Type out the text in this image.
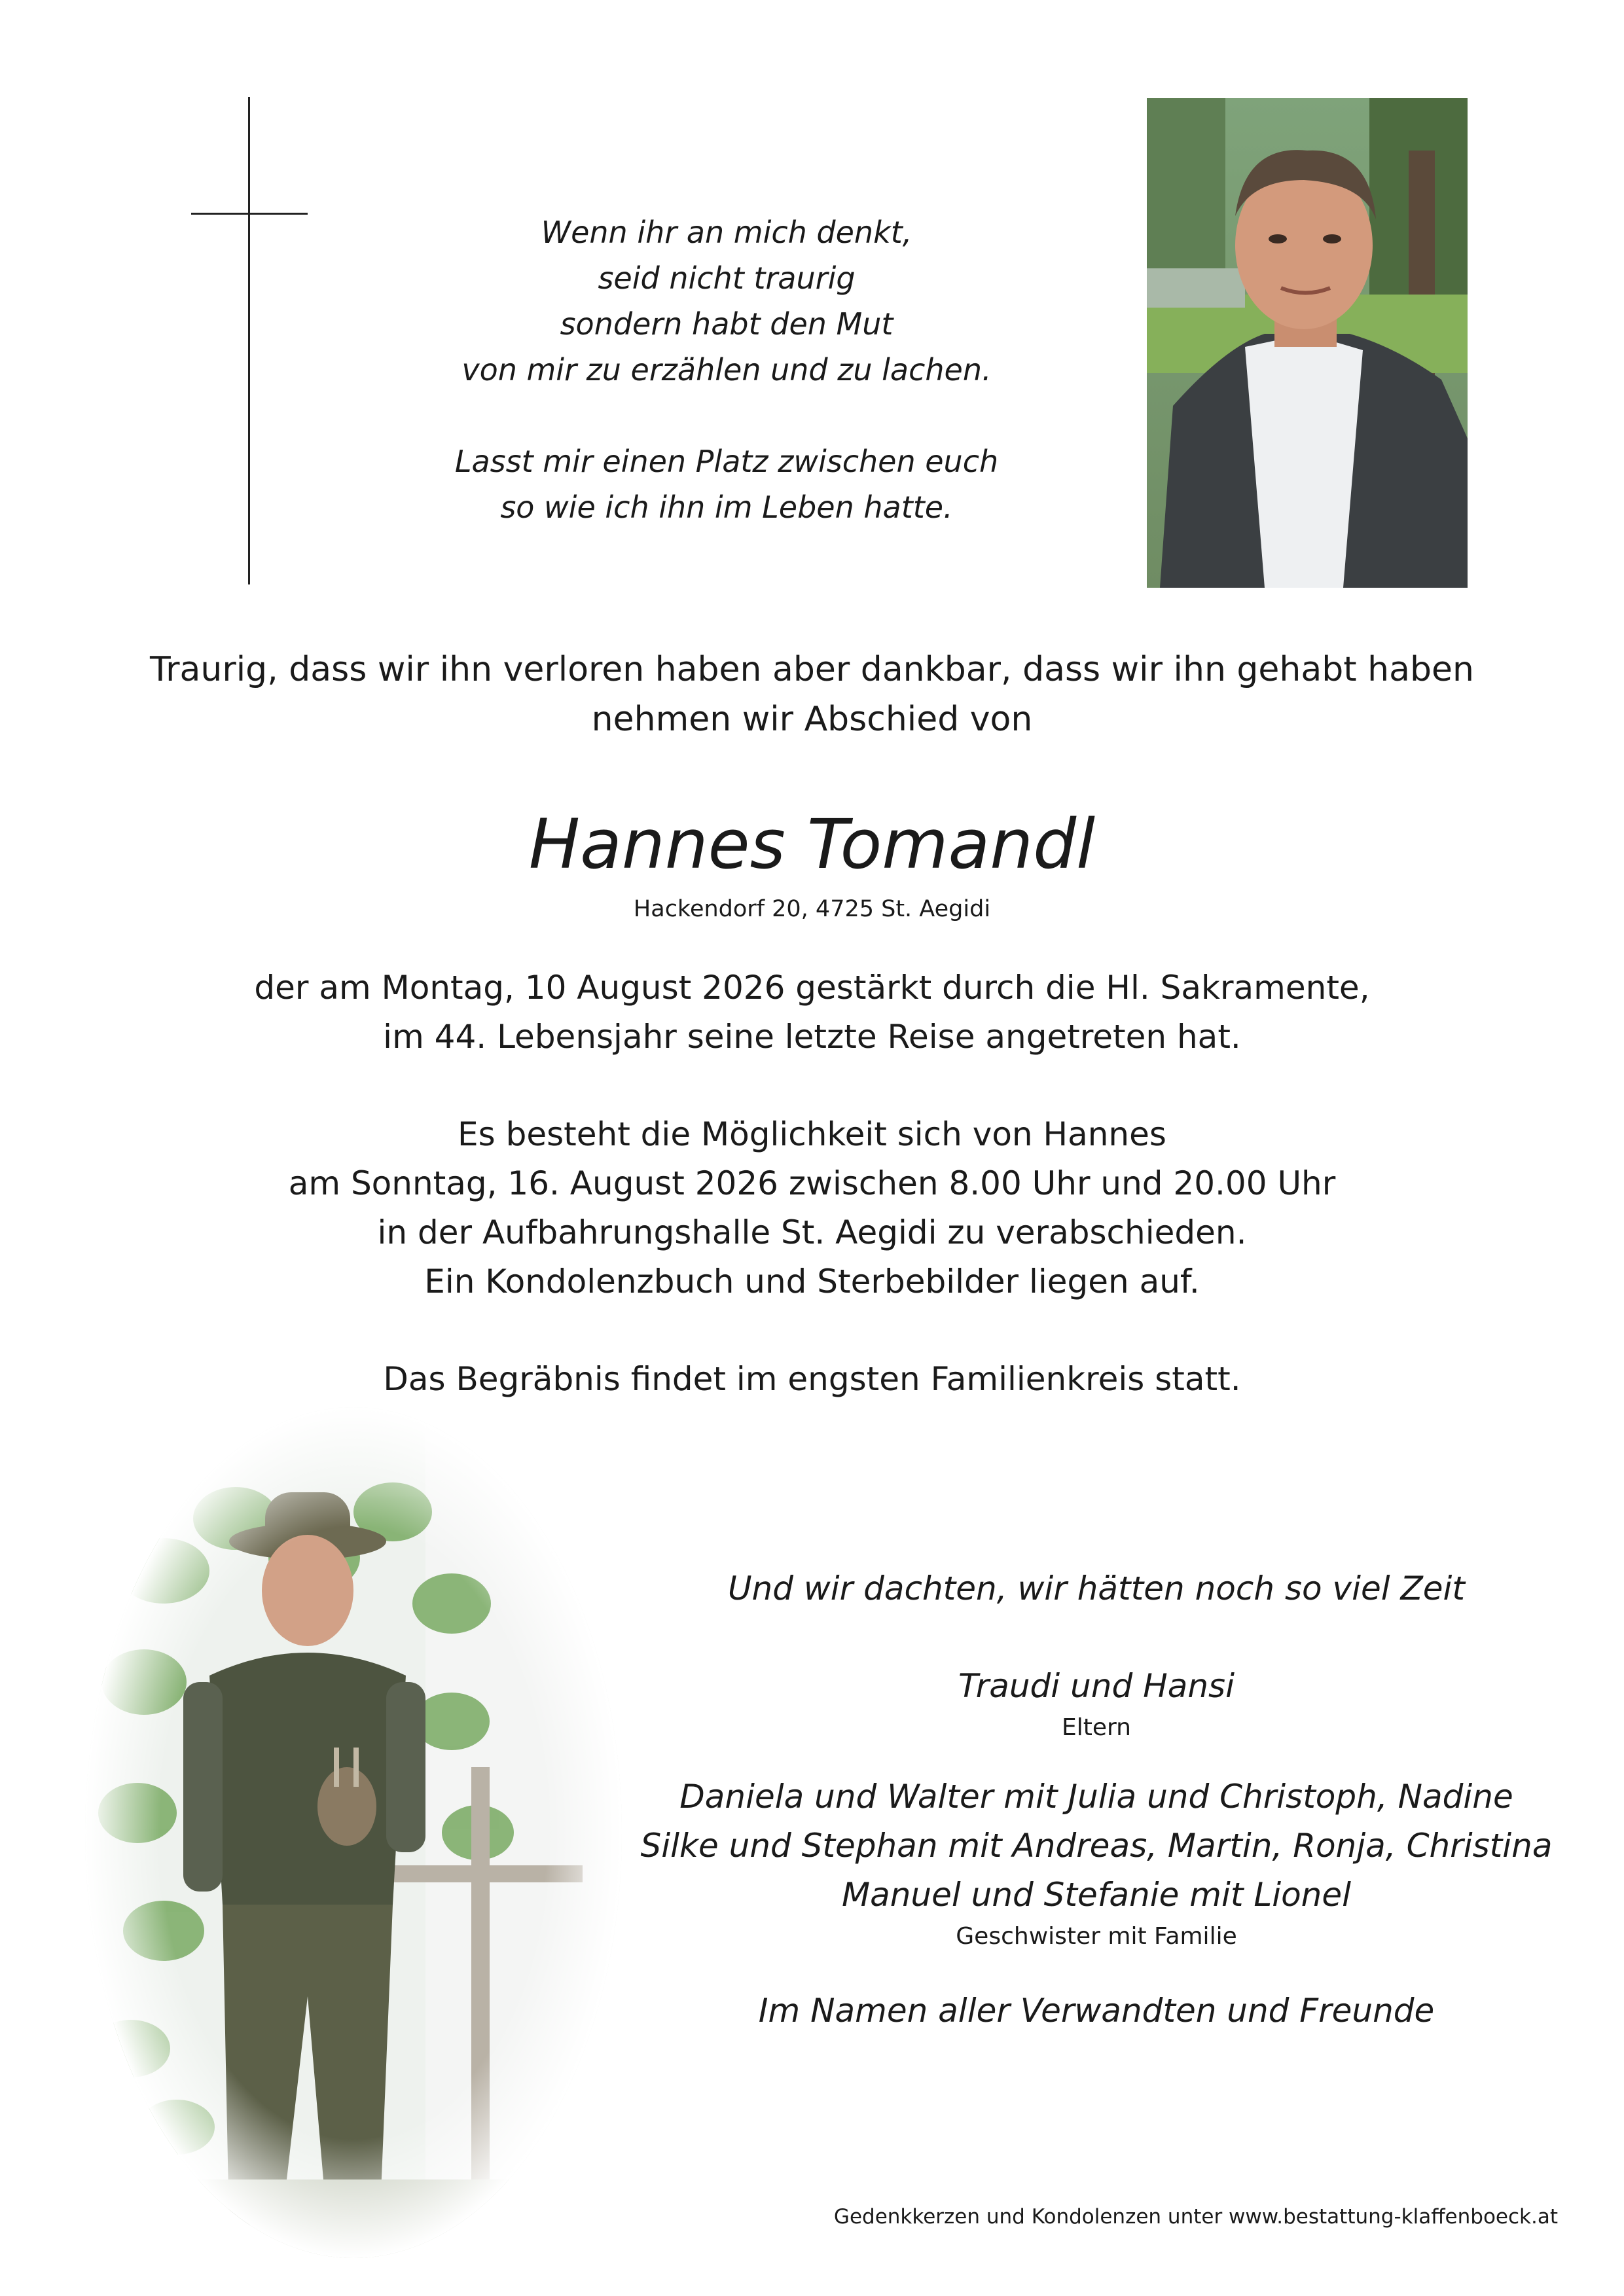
Wenn ihr an mich denkt,
seid nicht traurig
sondern habt den Mut
von mir zu erzählen und zu lachen.
Lasst mir einen Platz zwischen euch
so wie ich ihn im Leben hatte.
Traurig, dass wir ihn verloren haben aber dankbar, dass wir ihn gehabt haben
nehmen wir Abschied von
Hannes Tomandl
Hackendorf 20, 4725 St. Aegidi
der am Montag, 10 August 2026 gestärkt durch die Hl. Sakramente,
im 44. Lebensjahr seine letzte Reise angetreten hat.
Es besteht die Möglichkeit sich von Hannes
am Sonntag, 16. August 2026 zwischen 8.00 Uhr und 20.00 Uhr
in der Aufbahrungshalle St. Aegidi zu verabschieden.
Ein Kondolenzbuch und Sterbebilder liegen auf.
Das Begräbnis findet im engsten Familienkreis statt.
Und wir dachten, wir hätten noch so viel Zeit
Traudi und Hansi
Eltern
Daniela und Walter mit Julia und Christoph, Nadine
Silke und Stephan mit Andreas, Martin, Ronja, Christina
Manuel und Stefanie mit Lionel
Geschwister mit Familie
Im Namen aller Verwandten und Freunde
Gedenkkerzen und Kondolenzen unter www.bestattung-klaffenboeck.at
